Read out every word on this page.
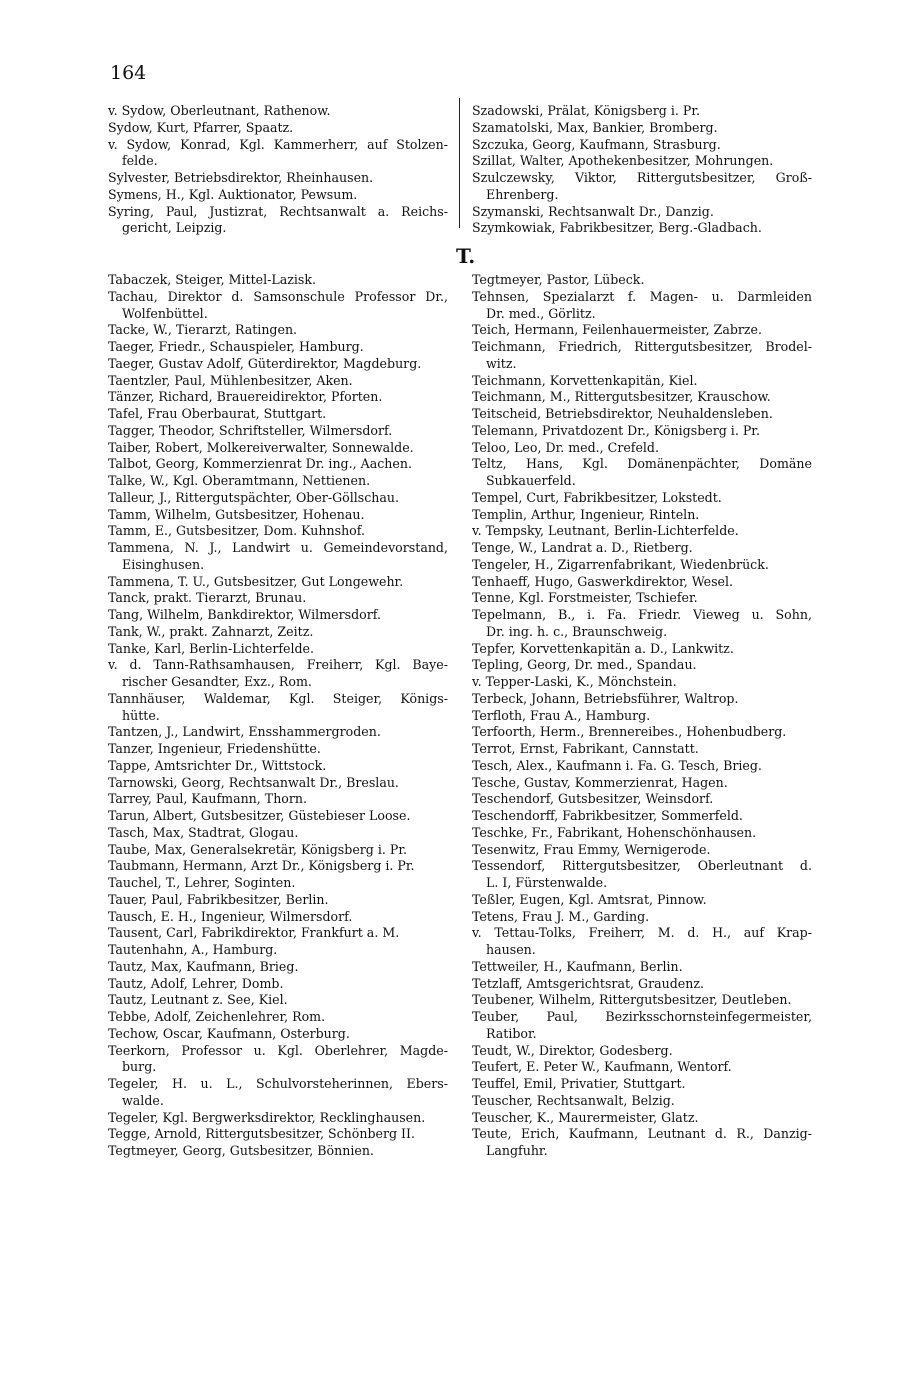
164
v. Sydow, Oberleutnant, Rathenow.
Sydow, Kurt, Pfarrer, Spaatz.
v. Sydow, Konrad, Kgl. Kammerherr, auf Stolzen-
felde.
Sylvester, Betriebsdirektor, Rheinhausen.
Symens, H., Kgl. Auktionator, Pewsum.
Syring, Paul, Justizrat, Rechtsanwalt a. Reichs-
gericht, Leipzig.
Szadowski, Prälat, Königsberg i. Pr.
Szamatolski, Max, Bankier, Bromberg.
Szczuka, Georg, Kaufmann, Strasburg.
Szillat, Walter, Apothekenbesitzer, Mohrungen.
Szulczewsky, Viktor, Rittergutsbesitzer, Groß-
Ehrenberg.
Szymanski, Rechtsanwalt Dr., Danzig.
Szymkowiak, Fabrikbesitzer, Berg.-Gladbach.
T.
Tabaczek, Steiger, Mittel-Lazisk.
Tachau, Direktor d. Samsonschule Professor Dr.,
Wolfenbüttel.
Tacke, W., Tierarzt, Ratingen.
Taeger, Friedr., Schauspieler, Hamburg.
Taeger, Gustav Adolf, Güterdirektor, Magdeburg.
Taentzler, Paul, Mühlenbesitzer, Aken.
Tänzer, Richard, Brauereidirektor, Pforten.
Tafel, Frau Oberbaurat, Stuttgart.
Tagger, Theodor, Schriftsteller, Wilmersdorf.
Taiber, Robert, Molkereiverwalter, Sonnewalde.
Talbot, Georg, Kommerzienrat Dr. ing., Aachen.
Talke, W., Kgl. Oberamtmann, Nettienen.
Talleur, J., Rittergutspächter, Ober-Göllschau.
Tamm, Wilhelm, Gutsbesitzer, Hohenau.
Tamm, E., Gutsbesitzer, Dom. Kuhnshof.
Tammena, N. J., Landwirt u. Gemeindevorstand,
Eisinghusen.
Tammena, T. U., Gutsbesitzer, Gut Longewehr.
Tanck, prakt. Tierarzt, Brunau.
Tang, Wilhelm, Bankdirektor, Wilmersdorf.
Tank, W., prakt. Zahnarzt, Zeitz.
Tanke, Karl, Berlin-Lichterfelde.
v. d. Tann-Rathsamhausen, Freiherr, Kgl. Baye-
rischer Gesandter, Exz., Rom.
Tannhäuser, Waldemar, Kgl. Steiger, Königs-
hütte.
Tantzen, J., Landwirt, Ensshammergroden.
Tanzer, Ingenieur, Friedenshütte.
Tappe, Amtsrichter Dr., Wittstock.
Tarnowski, Georg, Rechtsanwalt Dr., Breslau.
Tarrey, Paul, Kaufmann, Thorn.
Tarun, Albert, Gutsbesitzer, Güstebieser Loose.
Tasch, Max, Stadtrat, Glogau.
Taube, Max, Generalsekretär, Königsberg i. Pr.
Taubmann, Hermann, Arzt Dr., Königsberg i. Pr.
Tauchel, T., Lehrer, Soginten.
Tauer, Paul, Fabrikbesitzer, Berlin.
Tausch, E. H., Ingenieur, Wilmersdorf.
Tausent, Carl, Fabrikdirektor, Frankfurt a. M.
Tautenhahn, A., Hamburg.
Tautz, Max, Kaufmann, Brieg.
Tautz, Adolf, Lehrer, Domb.
Tautz, Leutnant z. See, Kiel.
Tebbe, Adolf, Zeichenlehrer, Rom.
Techow, Oscar, Kaufmann, Osterburg.
Teerkorn, Professor u. Kgl. Oberlehrer, Magde-
burg.
Tegeler, H. u. L., Schulvorsteherinnen, Ebers-
walde.
Tegeler, Kgl. Bergwerksdirektor, Recklinghausen.
Tegge, Arnold, Rittergutsbesitzer, Schönberg II.
Tegtmeyer, Georg, Gutsbesitzer, Bönnien.
Tegtmeyer, Pastor, Lübeck.
Tehnsen, Spezialarzt f. Magen- u. Darmleiden
Dr. med., Görlitz.
Teich, Hermann, Feilenhauermeister, Zabrze.
Teichmann, Friedrich, Rittergutsbesitzer, Brodel-
witz.
Teichmann, Korvettenkapitän, Kiel.
Teichmann, M., Rittergutsbesitzer, Krauschow.
Teitscheid, Betriebsdirektor, Neuhaldensleben.
Telemann, Privatdozent Dr., Königsberg i. Pr.
Teloo, Leo, Dr. med., Crefeld.
Teltz, Hans, Kgl. Domänenpächter, Domäne
Subkauerfeld.
Tempel, Curt, Fabrikbesitzer, Lokstedt.
Templin, Arthur, Ingenieur, Rinteln.
v. Tempsky, Leutnant, Berlin-Lichterfelde.
Tenge, W., Landrat a. D., Rietberg.
Tengeler, H., Zigarrenfabrikant, Wiedenbrück.
Tenhaeff, Hugo, Gaswerkdirektor, Wesel.
Tenne, Kgl. Forstmeister, Tschiefer.
Tepelmann, B., i. Fa. Friedr. Vieweg u. Sohn,
Dr. ing. h. c., Braunschweig.
Tepfer, Korvettenkapitän a. D., Lankwitz.
Tepling, Georg, Dr. med., Spandau.
v. Tepper-Laski, K., Mönchstein.
Terbeck, Johann, Betriebsführer, Waltrop.
Terfloth, Frau A., Hamburg.
Terfoorth, Herm., Brennereibes., Hohenbudberg.
Terrot, Ernst, Fabrikant, Cannstatt.
Tesch, Alex., Kaufmann i. Fa. G. Tesch, Brieg.
Tesche, Gustav, Kommerzienrat, Hagen.
Teschendorf, Gutsbesitzer, Weinsdorf.
Teschendorff, Fabrikbesitzer, Sommerfeld.
Teschke, Fr., Fabrikant, Hohenschönhausen.
Tesenwitz, Frau Emmy, Wernigerode.
Tessendorf, Rittergutsbesitzer, Oberleutnant d.
L. I, Fürstenwalde.
Teßler, Eugen, Kgl. Amtsrat, Pinnow.
Tetens, Frau J. M., Garding.
v. Tettau-Tolks, Freiherr, M. d. H., auf Krap-
hausen.
Tettweiler, H., Kaufmann, Berlin.
Tetzlaff, Amtsgerichtsrat, Graudenz.
Teubener, Wilhelm, Rittergutsbesitzer, Deutleben.
Teuber, Paul, Bezirksschornsteinfegermeister,
Ratibor.
Teudt, W., Direktor, Godesberg.
Teufert, E. Peter W., Kaufmann, Wentorf.
Teuffel, Emil, Privatier, Stuttgart.
Teuscher, Rechtsanwalt, Belzig.
Teuscher, K., Maurermeister, Glatz.
Teute, Erich, Kaufmann, Leutnant d. R., Danzig-
Langfuhr.
